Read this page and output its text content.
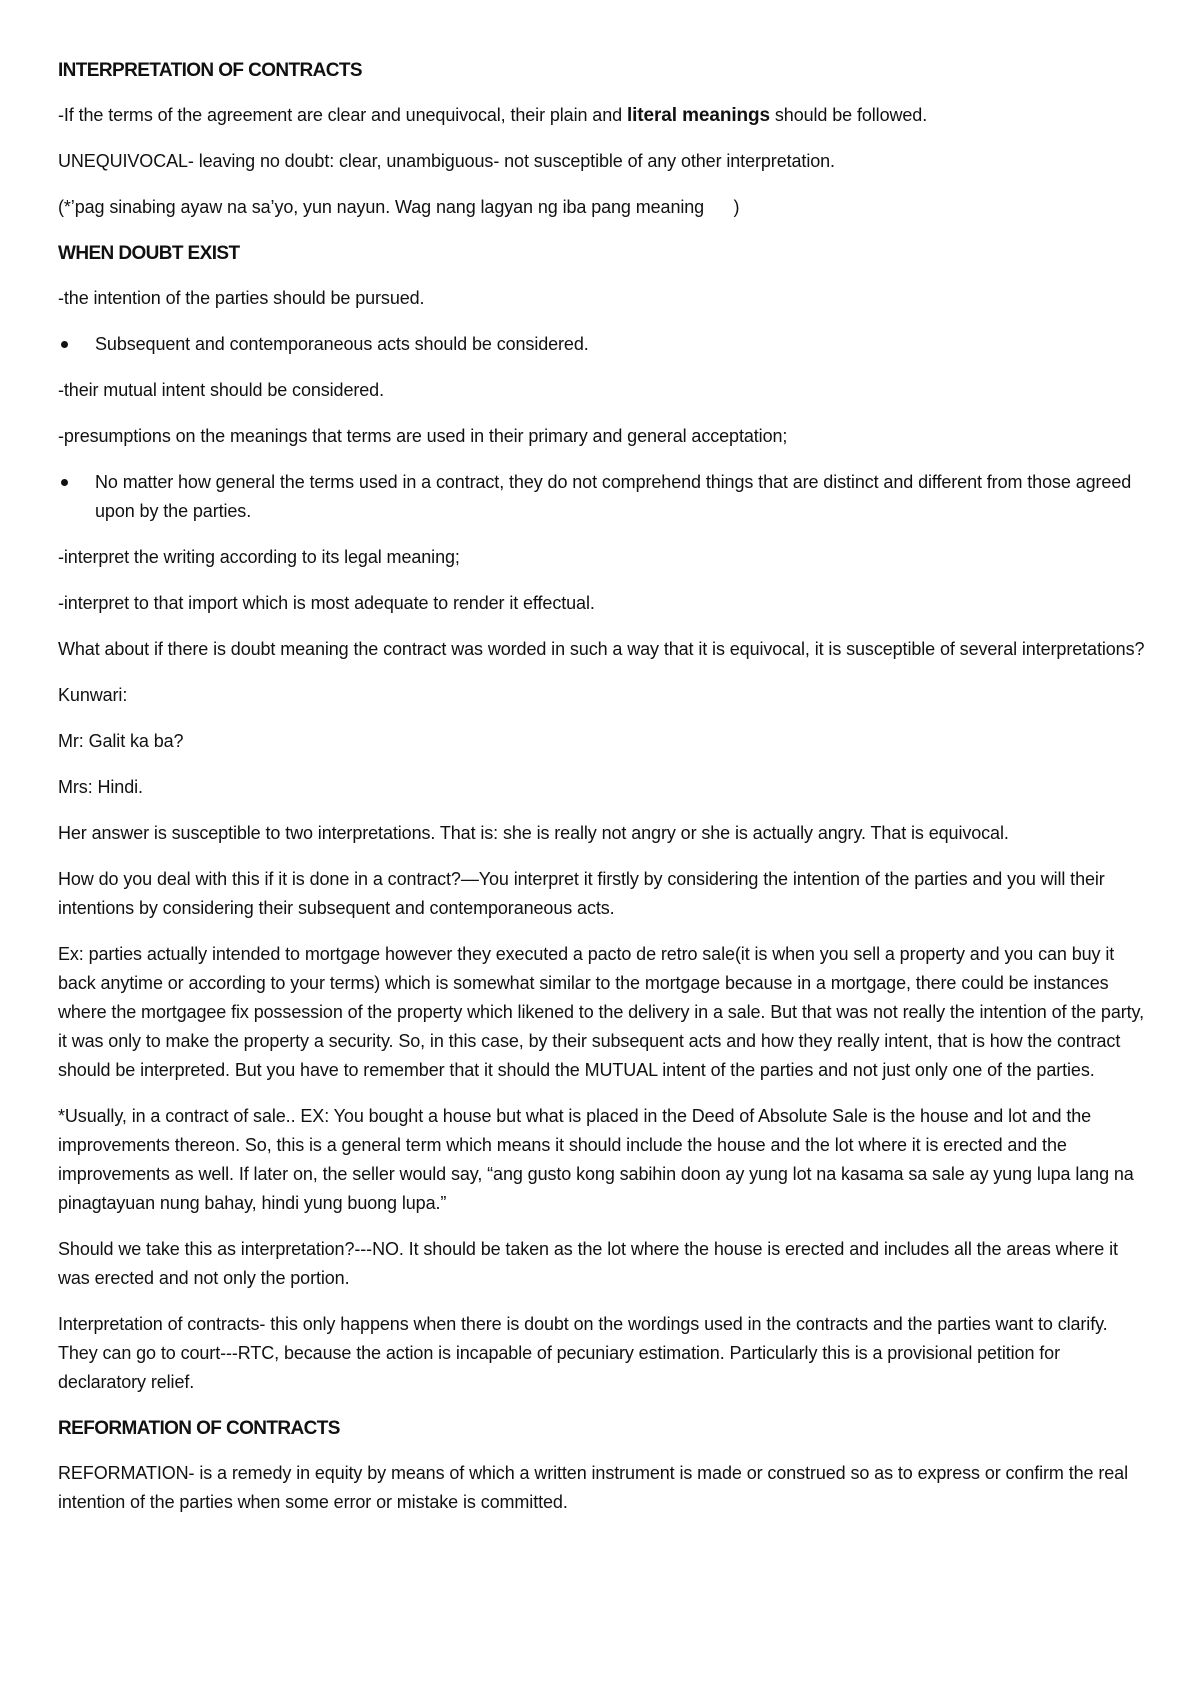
INTERPRETATION OF CONTRACTS
-If the terms of the agreement are clear and unequivocal, their plain and literal meanings should be followed.
UNEQUIVOCAL- leaving no doubt: clear, unambiguous- not susceptible of any other interpretation.
(*’pag sinabing ayaw na sa’yo, yun nayun. Wag nang lagyan ng iba pang meaning      )
WHEN DOUBT EXIST
-the intention of the parties should be pursued.
Subsequent and contemporaneous acts should be considered.
-their mutual intent should be considered.
-presumptions on the meanings that terms are used in their primary and general acceptation;
No matter how general the terms used in a contract, they do not comprehend things that are distinct and different from those agreed upon by the parties.
-interpret the writing according to its legal meaning;
-interpret to that import which is most adequate to render it effectual.
What about if there is doubt meaning the contract was worded in such a way that it is equivocal, it is susceptible of several interpretations?
Kunwari:
Mr: Galit ka ba?
Mrs: Hindi.
Her answer is susceptible to two interpretations. That is: she is really not angry or she is actually angry. That is equivocal.
How do you deal with this if it is done in a contract?—You interpret it firstly by considering the intention of the parties and you will their intentions by considering their subsequent and contemporaneous acts.
Ex: parties actually intended to mortgage however they executed a pacto de retro sale(it is when you sell a property and you can buy it back anytime or according to your terms) which is somewhat similar to the mortgage because in a mortgage, there could be instances where the mortgagee fix possession of the property which likened to the delivery in a sale. But that was not really the intention of the party, it was only to make the property a security. So, in this case, by their subsequent acts and how they really intent, that is how the contract should be interpreted. But you have to remember that it should the MUTUAL intent of the parties and not just only one of the parties.
*Usually, in a contract of sale.. EX: You bought a house but what is placed in the Deed of Absolute Sale is the house and lot and the improvements thereon. So, this is a general term which means it should include the house and the lot where it is erected and the improvements as well. If later on, the seller would say, “ang gusto kong sabihin doon ay yung lot na kasama sa sale ay yung lupa lang na pinagtayuan nung bahay, hindi yung buong lupa.”
Should we take this as interpretation?---NO. It should be taken as the lot where the house is erected and includes all the areas where it was erected and not only the portion.
Interpretation of contracts- this only happens when there is doubt on the wordings used in the contracts and the parties want to clarify. They can go to court---RTC, because the action is incapable of pecuniary estimation. Particularly this is a provisional petition for declaratory relief.
REFORMATION OF CONTRACTS
REFORMATION- is a remedy in equity by means of which a written instrument is made or construed so as to express or confirm the real intention of the parties when some error or mistake is committed.
